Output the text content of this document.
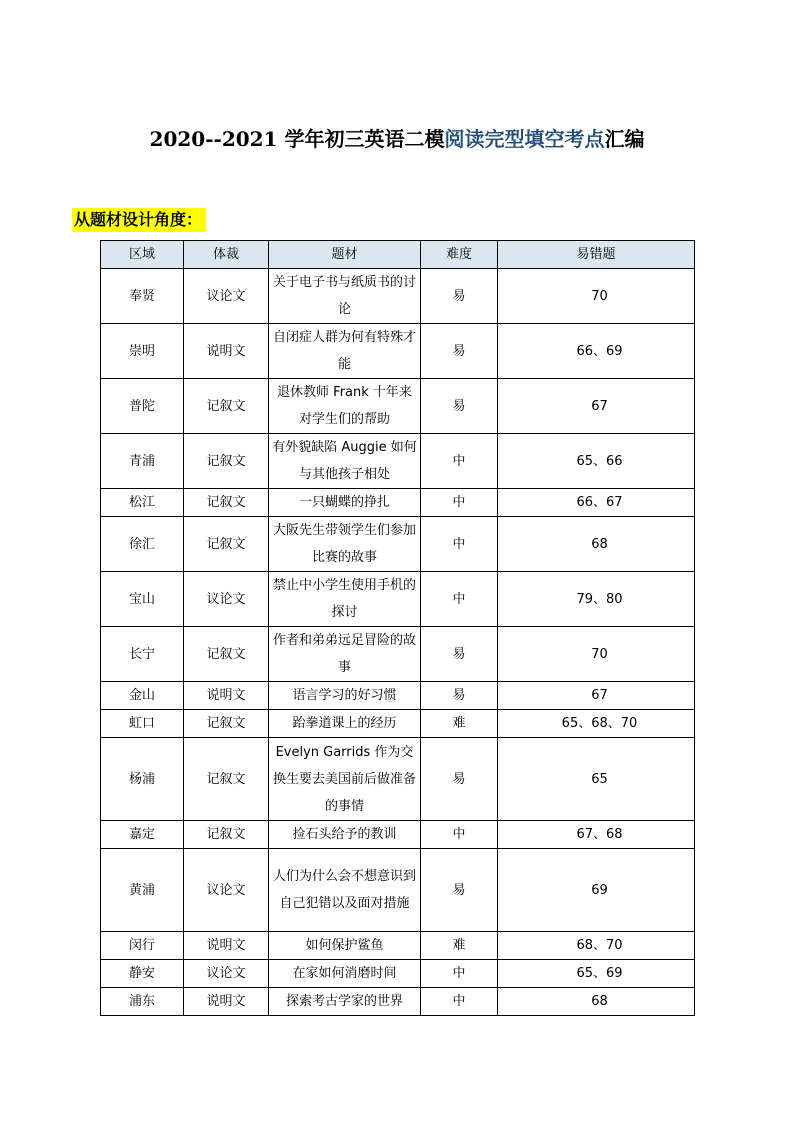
2020--2021 学年初三英语二模阅读完型填空考点汇编
从题材设计角度：
区域	体裁	题材	难度	易错题
奉贤	议论文	关于电子书与纸质书的讨论	易	70
崇明	说明文	自闭症人群为何有特殊才能	易	66、69
普陀	记叙文	退休教师 Frank 十年来对学生们的帮助	易	67
青浦	记叙文	有外貌缺陷 Auggie 如何与其他孩子相处	中	65、66
松江	记叙文	一只蝴蝶的挣扎	中	66、67
徐汇	记叙文	大阪先生带领学生们参加比赛的故事	中	68
宝山	议论文	禁止中小学生使用手机的探讨	中	79、80
长宁	记叙文	作者和弟弟远足冒险的故事	易	70
金山	说明文	语言学习的好习惯	易	67
虹口	记叙文	跆拳道课上的经历	难	65、68、70
杨浦	记叙文	Evelyn Garrids 作为交换生要去美国前后做准备的事情	易	65
嘉定	记叙文	捡石头给予的教训	中	67、68
黄浦	议论文	人们为什么会不想意识到自己犯错以及面对措施	易	69
闵行	说明文	如何保护鲨鱼	难	68、70
静安	议论文	在家如何消磨时间	中	65、69
浦东	说明文	探索考古学家的世界	中	68
